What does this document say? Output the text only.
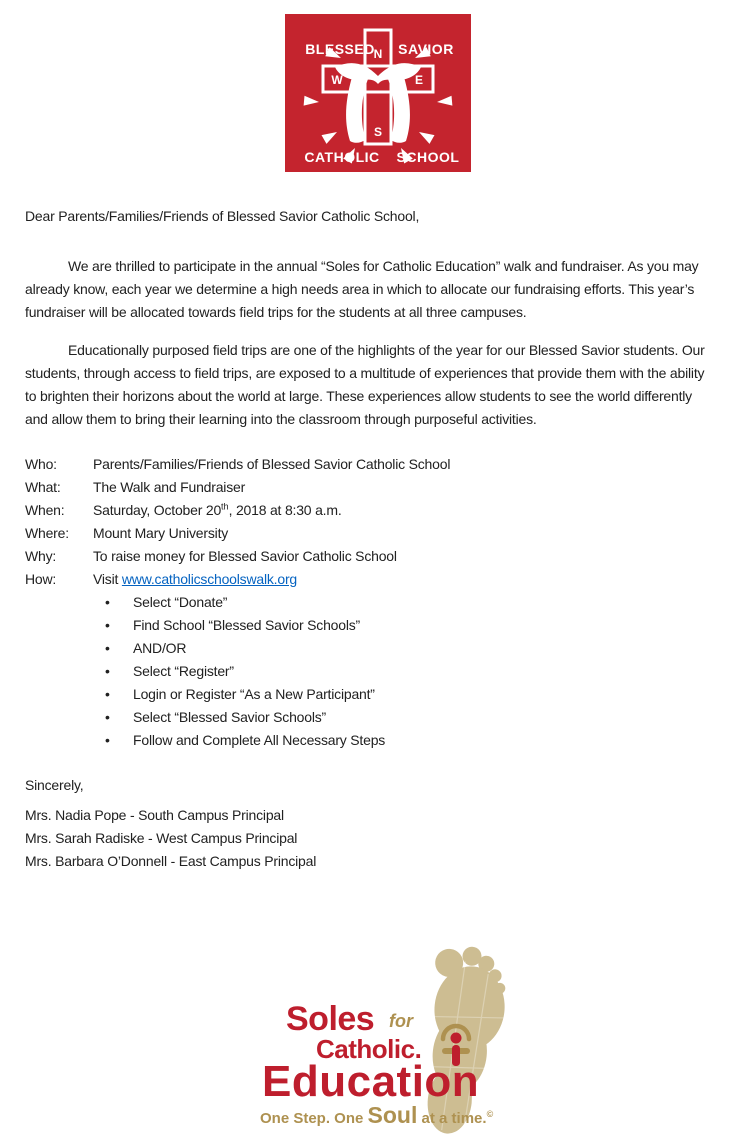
N
W	E
S
BLESSED SAVIOR
CATHOLIC SCHOOL

Dear Parents/Families/Friends of Blessed Savior Catholic School,

We are thrilled to participate in the annual “Soles for Catholic Education” walk and fundraiser. As you may already know, each year we determine a high needs area in which to allocate our fundraising efforts. This year’s fundraiser will be allocated towards field trips for the students at all three campuses.

Educationally purposed field trips are one of the highlights of the year for our Blessed Savior students. Our students, through access to field trips, are exposed to a multitude of experiences that provide them with the ability to brighten their horizons about the world at large. These experiences allow students to see the world differently and allow them to bring their learning into the classroom through purposeful activities.

Who:	Parents/Families/Friends of Blessed Savior Catholic School
What:	The Walk and Fundraiser
When:	Saturday, October 20th, 2018 at 8:30 a.m.
Where:	Mount Mary University
Why:	To raise money for Blessed Savior Catholic School
How:	Visit www.catholicschoolswalk.org
•	Select “Donate”
•	Find School “Blessed Savior Schools”
•	AND/OR
•	Select “Register”
•	Login or Register “As a New Participant”
•	Select “Blessed Savior Schools”
•	Follow and Complete All Necessary Steps

Sincerely,

Mrs. Nadia Pope - South Campus Principal
Mrs. Sarah Radiske - West Campus Principal
Mrs. Barbara O’Donnell - East Campus Principal
Soles for
Catholic.
Education
One Step. One Soul at a time.©
